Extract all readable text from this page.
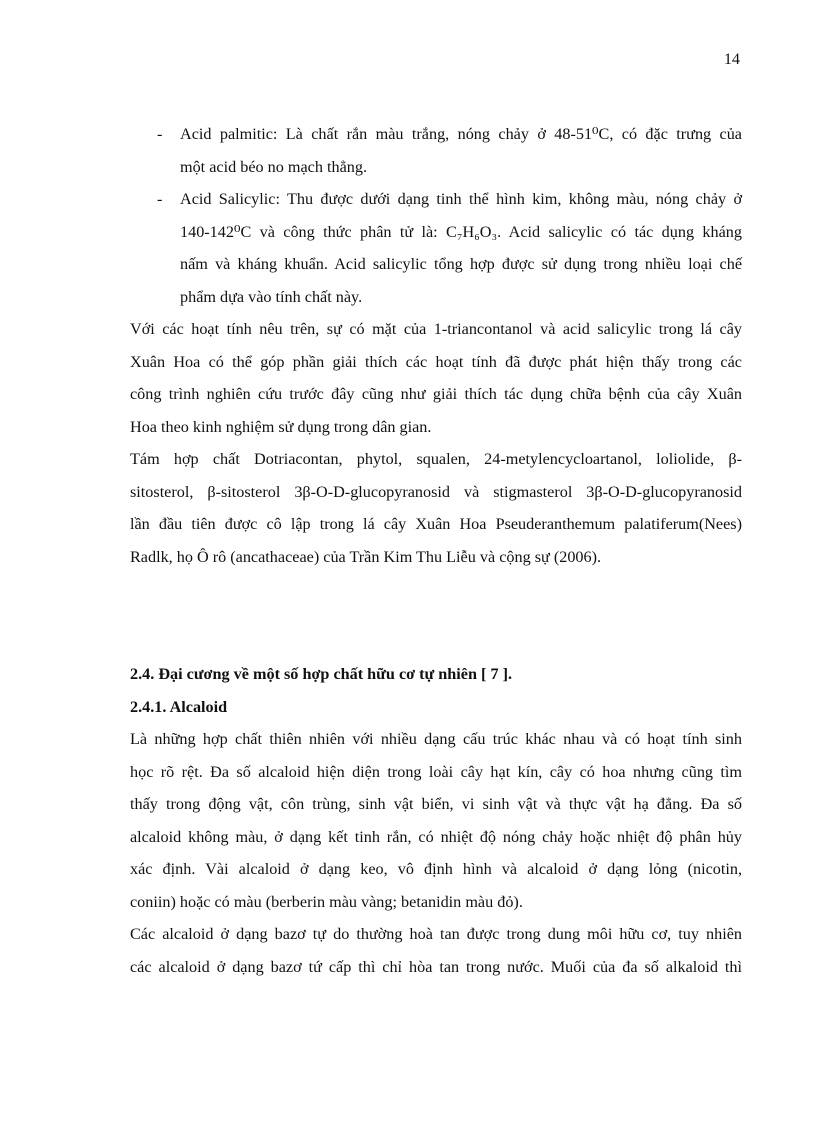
14
-	Acid palmitic: Là chất rắn màu trắng, nóng chảy ở 48-51⁰C, có đặc trưng của
một acid béo no mạch thẳng.
-	Acid Salicylic: Thu được dưới dạng tinh thể hình kim, không màu, nóng chảy ở
140-142⁰C và công thức phân tử là: C₇H₆O₃. Acid salicylic có tác dụng kháng
nấm và kháng khuẩn. Acid salicylic tổng hợp được sử dụng trong nhiều loại chế
phẩm dựa vào tính chất này.
Với các hoạt tính nêu trên, sự có mặt của 1-triancontanol và acid salicylic trong lá cây
Xuân Hoa có thể góp phần giải thích các hoạt tính đã được phát hiện thấy trong các
công trình nghiên cứu trước đây cũng như giải thích tác dụng chữa bệnh của cây Xuân
Hoa theo kinh nghiệm sử dụng trong dân gian.
Tám hợp chất Dotriacontan, phytol, squalen, 24-metylencycloartanol, loliolide, β-
sitosterol, β-sitosterol 3β-O-D-glucopyranosid và stigmasterol 3β-O-D-glucopyranosid
lần đầu tiên được cô lập trong lá cây Xuân Hoa Pseuderanthemum palatiferum(Nees)
Radlk, họ Ô rô (ancathaceae) của Trần Kim Thu Liễu và cộng sự (2006).
2.4. Đại cương về một số hợp chất hữu cơ tự nhiên [ 7 ].
2.4.1. Alcaloid
Là những hợp chất thiên nhiên với nhiều dạng cấu trúc khác nhau và có hoạt tính sinh
học rõ rệt. Đa số alcaloid hiện diện trong loài cây hạt kín, cây có hoa nhưng cũng tìm
thấy trong động vật, côn trùng, sinh vật biển, vi sinh vật và thực vật hạ đẳng. Đa số
alcaloid không màu, ở dạng kết tinh rắn, có nhiệt độ nóng chảy hoặc nhiệt độ phân hủy
xác định. Vài alcaloid ở dạng keo, vô định hình và alcaloid ở dạng lỏng (nicotin,
coniin) hoặc có màu (berberin màu vàng; betanidin màu đỏ).
Các alcaloid ở dạng bazơ tự do thường hoà tan được trong dung môi hữu cơ, tuy nhiên
các alcaloid ở dạng bazơ tứ cấp thì chỉ hòa tan trong nước. Muối của đa số alkaloid thì
